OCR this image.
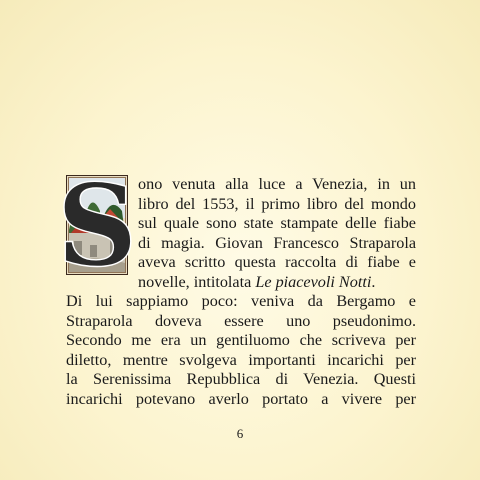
S ono venuta alla luce a Venezia, in un
libro del 1553, il primo libro del mondo
sul quale sono state stampate delle fiabe
di magia. Giovan Francesco Straparola
aveva scritto questa raccolta di fiabe e
novelle, intitolata Le piacevoli Notti.
Di lui sappiamo poco: veniva da Bergamo e
Straparola doveva essere uno pseudonimo.
Secondo me era un gentiluomo che scriveva per
diletto, mentre svolgeva importanti incarichi per
la Serenissima Repubblica di Venezia. Questi
incarichi potevano averlo portato a vivere per
6
